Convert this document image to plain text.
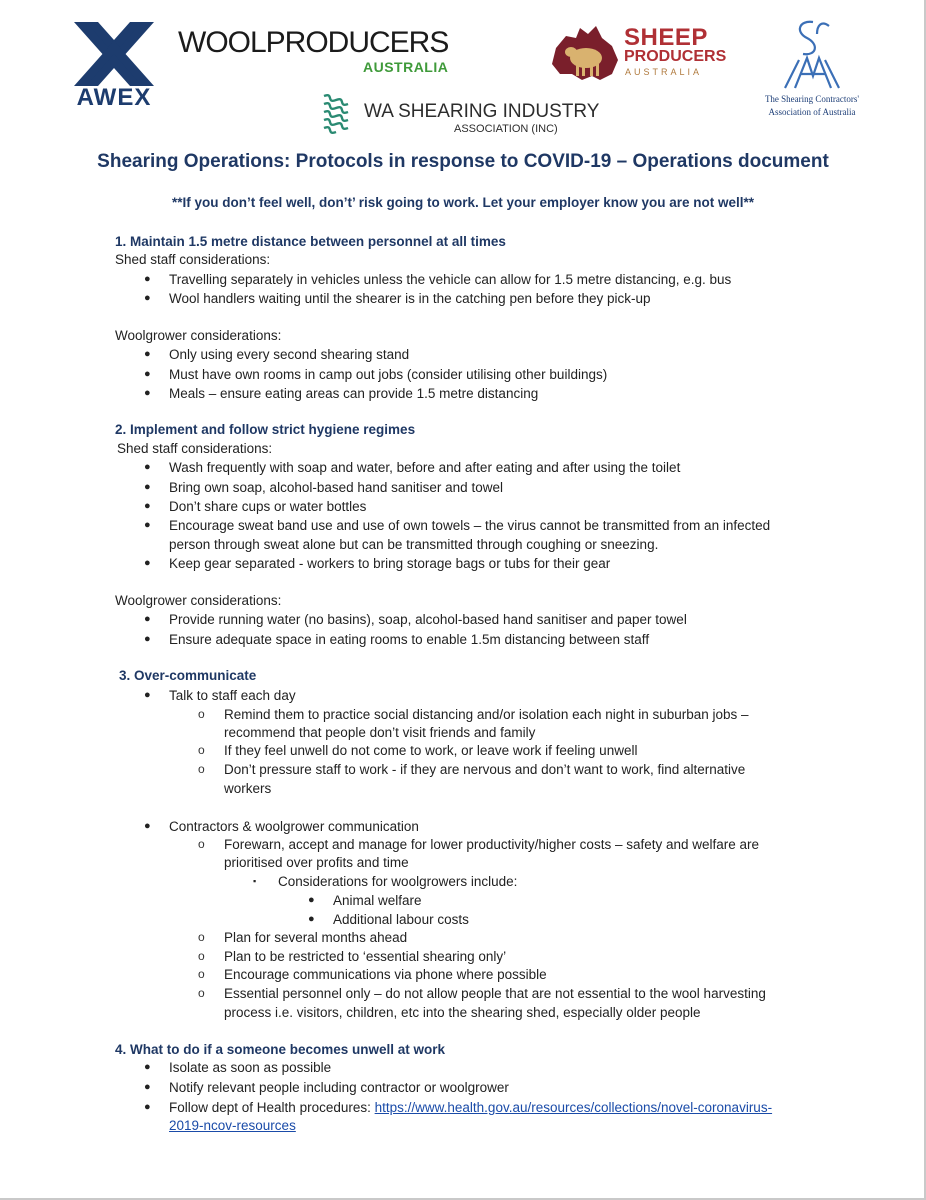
AWEX
WOOLPRODUCERS
AUSTRALIA
SHEEP
PRODUCERS
AUSTRALIA
The Shearing Contractors'
Association of Australia
WA SHEARING INDUSTRY
ASSOCIATION (INC)
Shearing Operations: Protocols in response to COVID-19 – Operations document
**If you don’t feel well, don’t’ risk going to work. Let your employer know you are not well**
1. Maintain 1.5 metre distance between personnel at all times
Shed staff considerations:
● Travelling separately in vehicles unless the vehicle can allow for 1.5 metre distancing, e.g. bus
● Wool handlers waiting until the shearer is in the catching pen before they pick-up
Woolgrower considerations:
● Only using every second shearing stand
● Must have own rooms in camp out jobs (consider utilising other buildings)
● Meals – ensure eating areas can provide 1.5 metre distancing
2. Implement and follow strict hygiene regimes
Shed staff considerations:
● Wash frequently with soap and water, before and after eating and after using the toilet
● Bring own soap, alcohol-based hand sanitiser and towel
● Don’t share cups or water bottles
● Encourage sweat band use and use of own towels – the virus cannot be transmitted from an infected
person through sweat alone but can be transmitted through coughing or sneezing.
● Keep gear separated - workers to bring storage bags or tubs for their gear
Woolgrower considerations:
● Provide running water (no basins), soap, alcohol-based hand sanitiser and paper towel
● Ensure adequate space in eating rooms to enable 1.5m distancing between staff
3. Over-communicate
● Talk to staff each day
o Remind them to practice social distancing and/or isolation each night in suburban jobs –
recommend that people don’t visit friends and family
o If they feel unwell do not come to work, or leave work if feeling unwell
o Don’t pressure staff to work - if they are nervous and don’t want to work, find alternative
workers
● Contractors & woolgrower communication
o Forewarn, accept and manage for lower productivity/higher costs – safety and welfare are
prioritised over profits and time
▪ Considerations for woolgrowers include:
● Animal welfare
● Additional labour costs
o Plan for several months ahead
o Plan to be restricted to ‘essential shearing only’
o Encourage communications via phone where possible
o Essential personnel only – do not allow people that are not essential to the wool harvesting
process i.e. visitors, children, etc into the shearing shed, especially older people
4. What to do if a someone becomes unwell at work
● Isolate as soon as possible
● Notify relevant people including contractor or woolgrower
● Follow dept of Health procedures: https://www.health.gov.au/resources/collections/novel-coronavirus-
2019-ncov-resources
